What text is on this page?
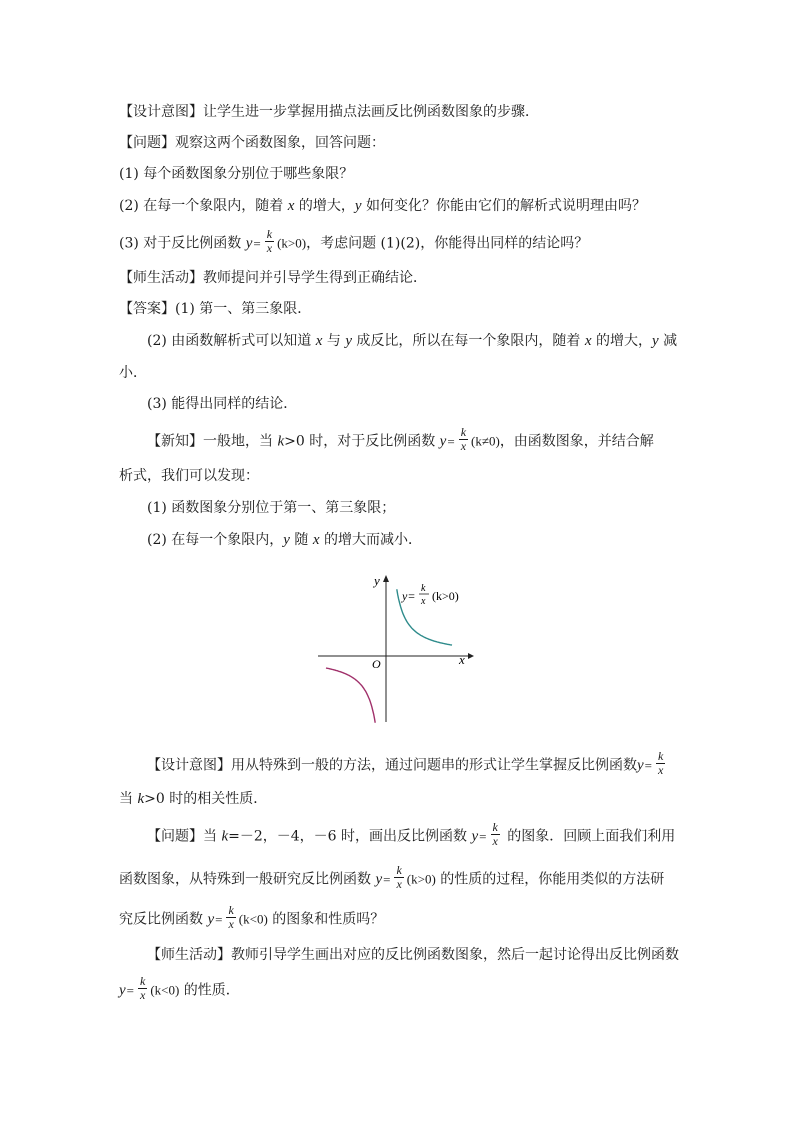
【设计意图】让学生进一步掌握用描点法画反比例函数图象的步骤．
【问题】观察这两个函数图象，回答问题：
(1) 每个函数图象分别位于哪些象限？
(2) 在每一个象限内，随着 x 的增大，y 如何变化？你能由它们的解析式说明理由吗？
(3) 对于反比例函数 $y= \frac{k}{x} (k>0)$，考虑问题 (1)(2)，你能得出同样的结论吗？
【师生活动】教师提问并引导学生得到正确结论．
【答案】(1) 第一、第三象限．
(2) 由函数解析式可以知道 x 与 y 成反比，所以在每一个象限内，随着 x 的增大，y 减
小．
(3) 能得出同样的结论．
【新知】一般地，当 k>0 时，对于反比例函数 $y= \frac{k}{x} (k\ne 0)$，由函数图象，并结合解
析式，我们可以发现：
(1) 函数图象分别位于第一、第三象限；
(2) 在每一个象限内，y 随 x 的增大而减小．
y
x
O
y=
k
x (k>0)
【设计意图】用从特殊到一般的方法，通过问题串的形式让学生掌握反比例函数$y= \frac{k}{x}$
当 k>0 时的相关性质．
【问题】当 k=－2，－4，－6 时，画出反比例函数 $y= \frac{k}{x}$ 的图象．回顾上面我们利用
函数图象，从特殊到一般研究反比例函数 $y= \frac{k}{x} (k>0)$ 的性质的过程，你能用类似的方法研
究反比例函数 $y= \frac{k}{x} (k<0)$ 的图象和性质吗？
【师生活动】教师引导学生画出对应的反比例函数图象，然后一起讨论得出反比例函数
$y= \frac{k}{x} (k<0)$ 的性质．
